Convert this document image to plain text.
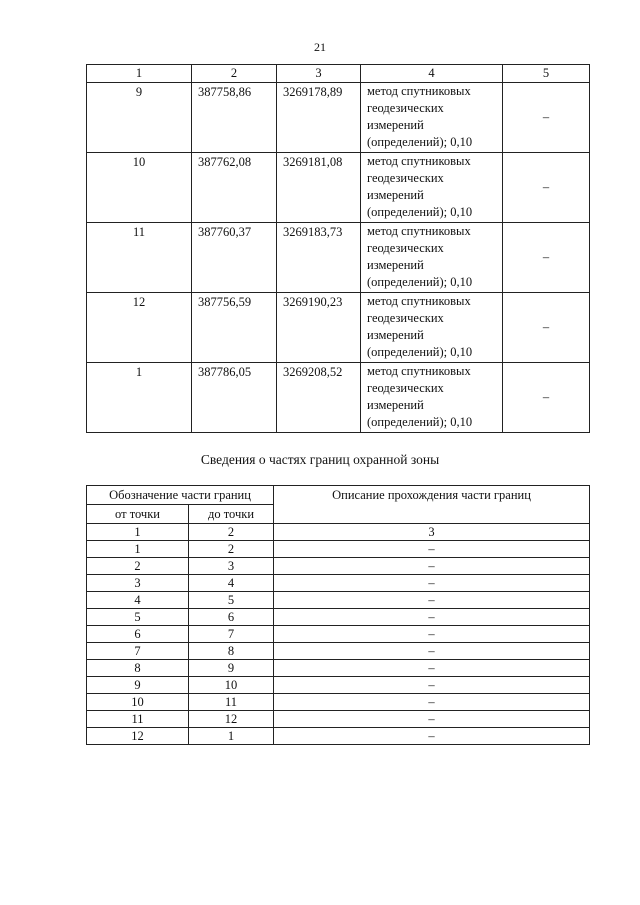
21
1	2	3	4	5
9	387758,86	3269178,89	метод спутниковых
геодезических
измерений
(определений); 0,10	–
10	387762,08	3269181,08	метод спутниковых
геодезических
измерений
(определений); 0,10	–
11	387760,37	3269183,73	метод спутниковых
геодезических
измерений
(определений); 0,10	–
12	387756,59	3269190,23	метод спутниковых
геодезических
измерений
(определений); 0,10	–
1	387786,05	3269208,52	метод спутниковых
геодезических
измерений
(определений); 0,10	–
Сведения о частях границ охранной зоны
Обозначение части границ		Описание прохождения части границ
от точки	до точки	
1	2	3
1	2	–
2	3	–
3	4	–
4	5	–
5	6	–
6	7	–
7	8	–
8	9	–
9	10	–
10	11	–
11	12	–
12	1	–
